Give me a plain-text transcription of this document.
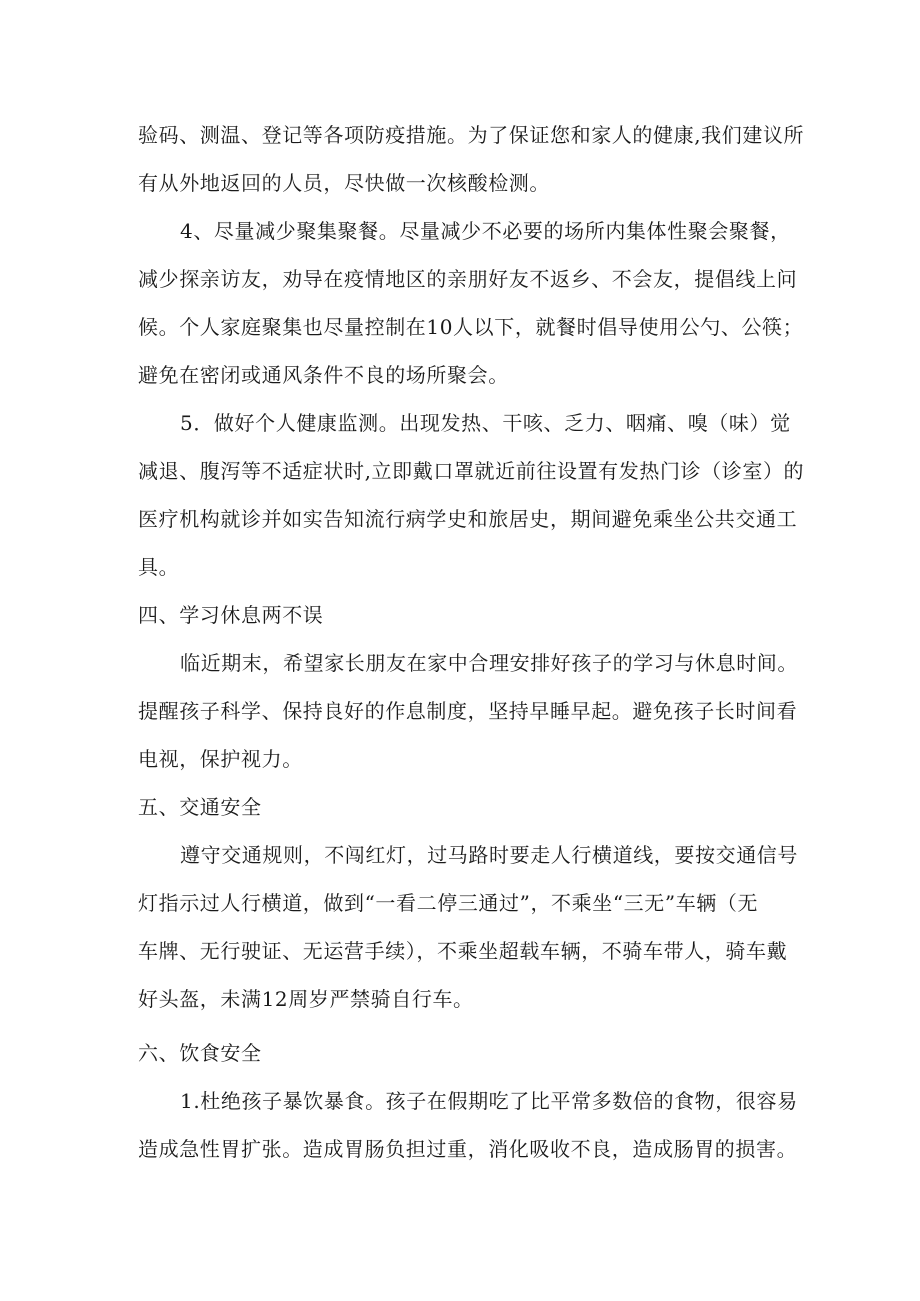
验码、测温、登记等各项防疫措施。为了保证您和家人的健康,我们建议所
有从外地返回的人员，尽快做一次核酸检测。
4、尽量减少聚集聚餐。尽量减少不必要的场所内集体性聚会聚餐，
减少探亲访友，劝导在疫情地区的亲朋好友不返乡、不会友，提倡线上问
候。个人家庭聚集也尽量控制在10人以下，就餐时倡导使用公勺、公筷；
避免在密闭或通风条件不良的场所聚会。
5．做好个人健康监测。出现发热、干咳、乏力、咽痛、嗅（味）觉
减退、腹泻等不适症状时,立即戴口罩就近前往设置有发热门诊（诊室）的
医疗机构就诊并如实告知流行病学史和旅居史，期间避免乘坐公共交通工
具。
四、学习休息两不误
临近期末，希望家长朋友在家中合理安排好孩子的学习与休息时间。
提醒孩子科学、保持良好的作息制度，坚持早睡早起。避免孩子长时间看
电视，保护视力。
五、交通安全
遵守交通规则，不闯红灯，过马路时要走人行横道线，要按交通信号
灯指示过人行横道，做到“一看二停三通过”，不乘坐“三无”车辆（无
车牌、无行驶证、无运营手续），不乘坐超载车辆，不骑车带人，骑车戴
好头盔，未满12周岁严禁骑自行车。
六、饮食安全
1.杜绝孩子暴饮暴食。孩子在假期吃了比平常多数倍的食物，很容易
造成急性胃扩张。造成胃肠负担过重，消化吸收不良，造成肠胃的损害。
